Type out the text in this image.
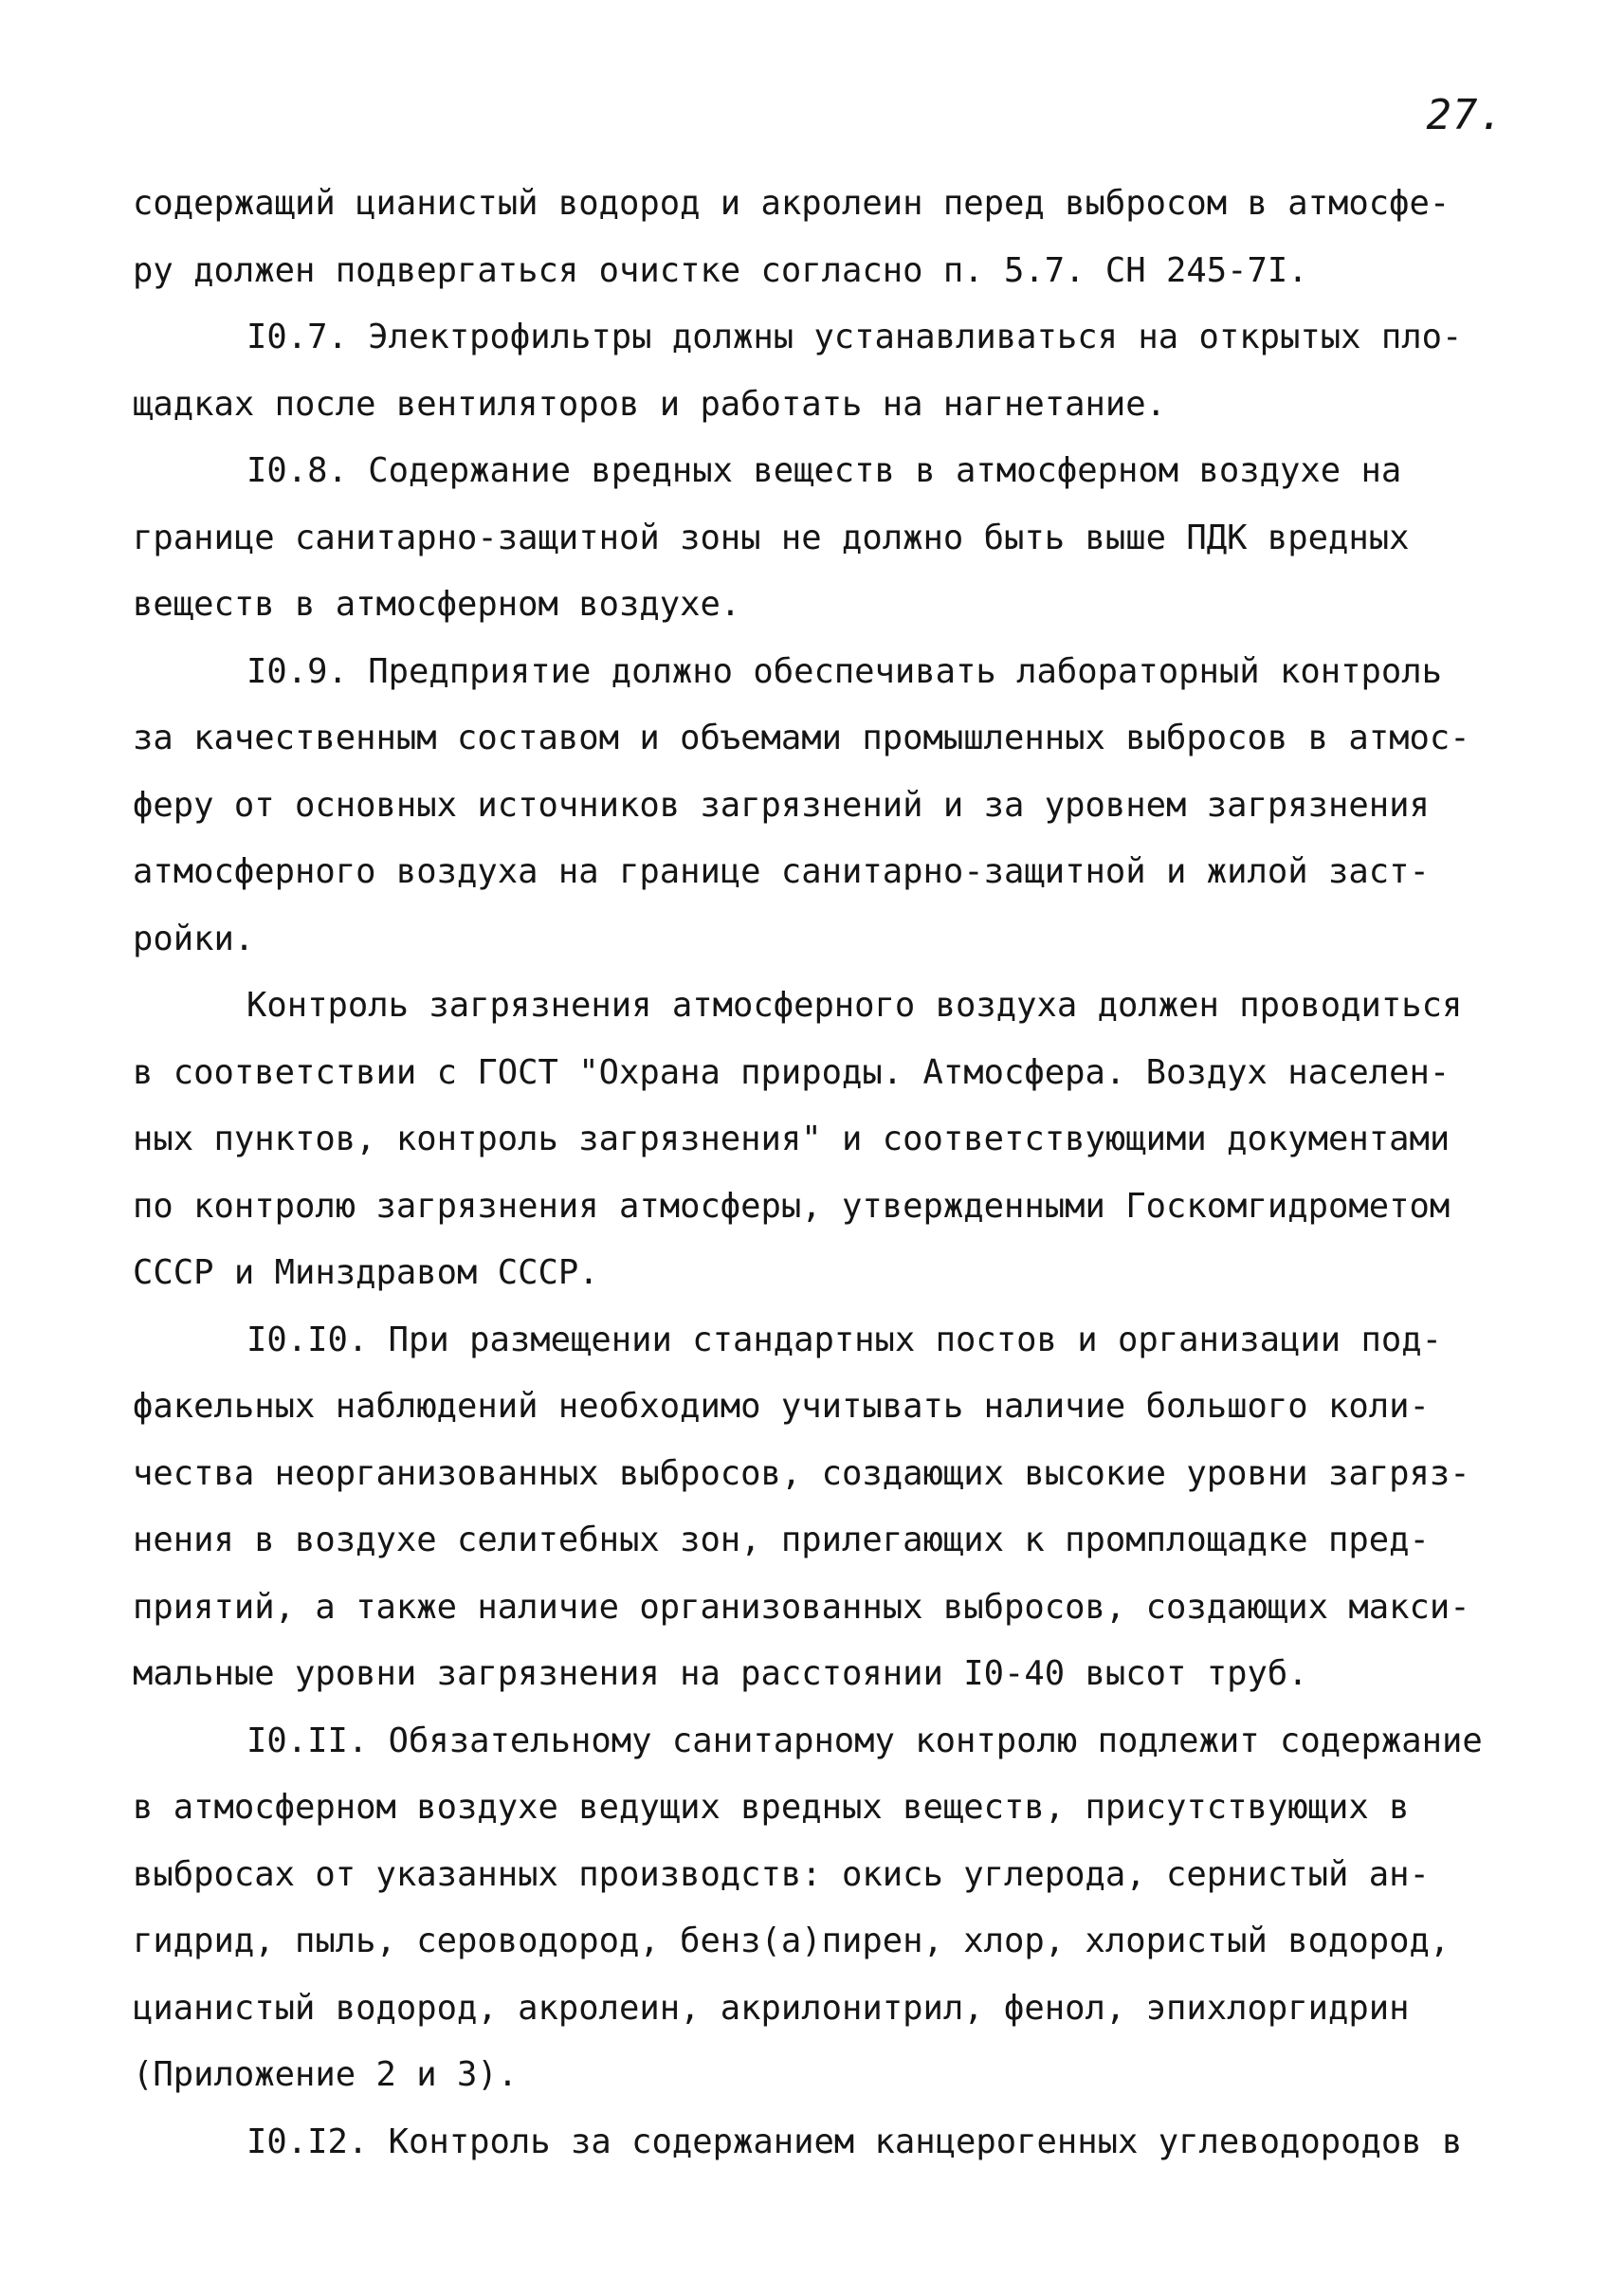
27.
содержащий цианистый водород и акролеин перед выбросом в атмосфе-
ру должен подвергаться очистке согласно п. 5.7. СН 245-7I.
I0.7. Электрофильтры должны устанавливаться на открытых пло-
щадках после вентиляторов и работать на нагнетание.
I0.8. Содержание вредных веществ в атмосферном воздухе на
границе санитарно-защитной зоны не должно быть выше ПДК вредных
веществ в атмосферном воздухе.
I0.9. Предприятие должно обеспечивать лабораторный контроль
за качественным составом и объемами промышленных выбросов в атмос-
феру от основных источников загрязнений и за уровнем загрязнения
атмосферного воздуха на границе санитарно-защитной и жилой заст-
ройки.
Контроль загрязнения атмосферного воздуха должен проводиться
в соответствии с ГОСТ "Охрана природы. Атмосфера. Воздух населен-
ных пунктов, контроль загрязнения" и соответствующими документами
по контролю загрязнения атмосферы, утвержденными Госкомгидрометом
СССР и Минздравом СССР.
I0.I0. При размещении стандартных постов и организации под-
факельных наблюдений необходимо учитывать наличие большого коли-
чества неорганизованных выбросов, создающих высокие уровни загряз-
нения в воздухе селитебных зон, прилегающих к промплощадке пред-
приятий, а также наличие организованных выбросов, создающих макси-
мальные уровни загрязнения на расстоянии I0-40 высот труб.
I0.II. Обязательному санитарному контролю подлежит содержание
в атмосферном воздухе ведущих вредных веществ, присутствующих в
выбросах от указанных производств: окись углерода, сернистый ан-
гидрид, пыль, сероводород, бенз(а)пирен, хлор, хлористый водород,
цианистый водород, акролеин, акрилонитрил, фенол, эпихлоргидрин
(Приложение 2 и 3).
I0.I2. Контроль за содержанием канцерогенных углеводородов в
